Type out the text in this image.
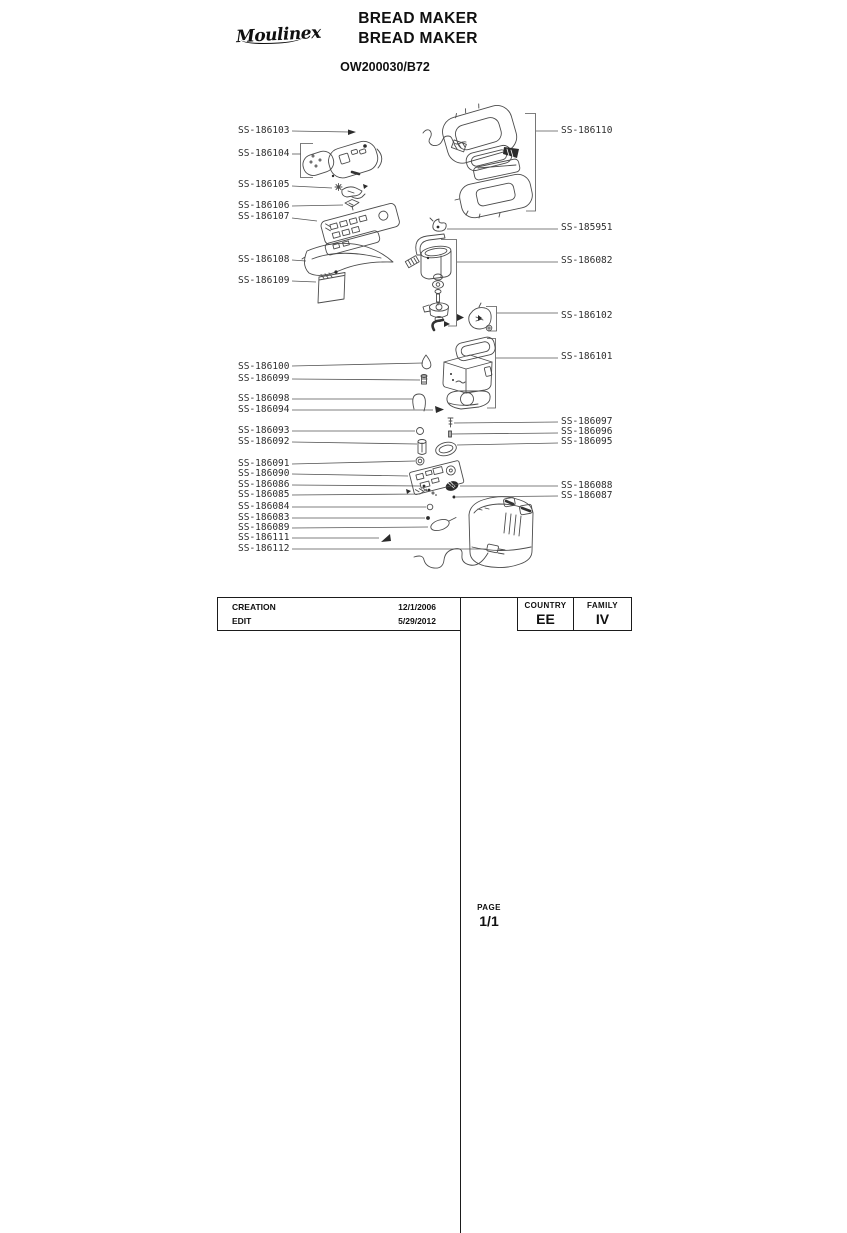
Moulinex
BREAD MAKER
BREAD MAKER
OW200030/B72
SS-186103
SS-186104
SS-186105
SS-186106
SS-186107
SS-186108
SS-186109
SS-186100
SS-186099
SS-186098
SS-186094
SS-186093
SS-186092
SS-186091
SS-186090
SS-186086
SS-186085
SS-186084
SS-186083
SS-186089
SS-186111
SS-186112
SS-186110
SS-185951
SS-186082
SS-186102
SS-186101
SS-186097
SS-186096
SS-186095
SS-186088
SS-186087
CREATION	12/1/2006
EDIT	5/29/2012
PAGE
1/1
COUNTRY
EE
FAMILY
IV
